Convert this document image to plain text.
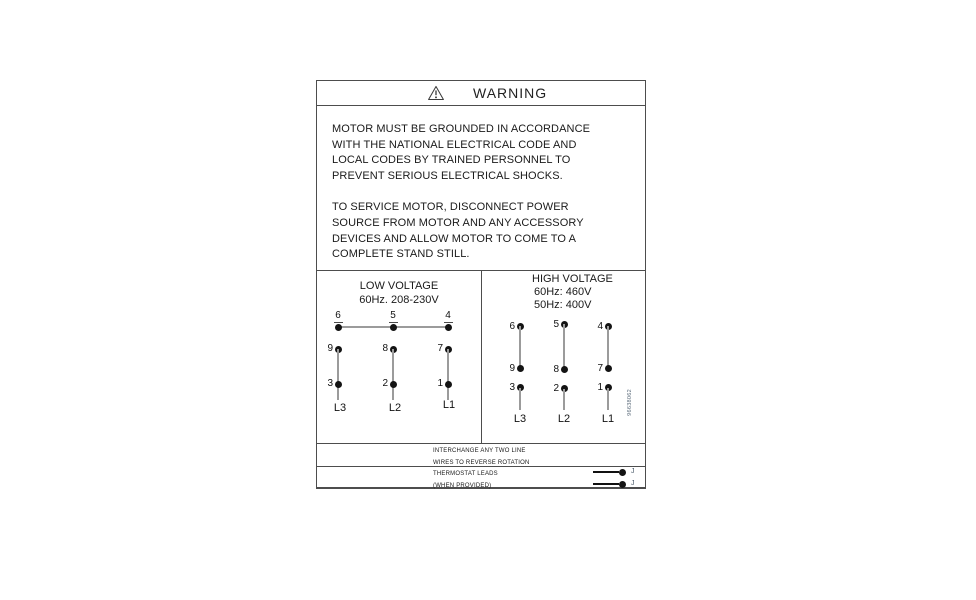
WARNING
MOTOR MUST BE GROUNDED IN ACCORDANCE
WITH THE NATIONAL ELECTRICAL CODE AND
LOCAL CODES BY TRAINED PERSONNEL TO
PREVENT SERIOUS ELECTRICAL SHOCKS.
TO SERVICE MOTOR, DISCONNECT POWER
SOURCE FROM MOTOR AND ANY ACCESSORY
DEVICES AND ALLOW MOTOR TO COME TO A
COMPLETE STAND STILL.
LOW VOLTAGE
60Hz. 208-230V
6	5	4
9	8	7
3	2	1
L3	L2	L1
HIGH VOLTAGE
60Hz: 460V
50Hz: 400V
6	5	4
9	8	7
3	2	1
L3	L2	L1
96638062
INTERCHANGE ANY TWO LINE
WIRES TO REVERSE ROTATION
THERMOSTAT LEADS
(WHEN PROVIDED)
J
J
